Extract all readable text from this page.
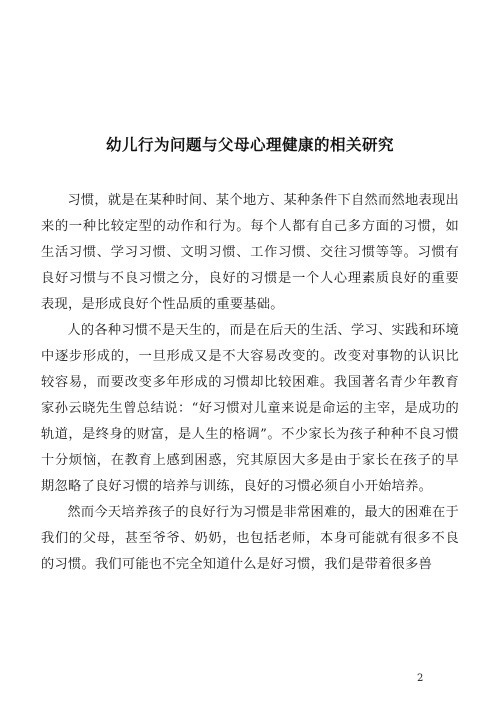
幼儿行为问题与父母心理健康的相关研究

习惯，就是在某种时间、某个地方、某种条件下自然而然地表现出来的一种比较定型的动作和行为。每个人都有自己多方面的习惯，如生活习惯、学习习惯、文明习惯、工作习惯、交往习惯等等。习惯有良好习惯与不良习惯之分，良好的习惯是一个人心理素质良好的重要表现，是形成良好个性品质的重要基础。

人的各种习惯不是天生的，而是在后天的生活、学习、实践和环境中逐步形成的，一旦形成又是不大容易改变的。改变对事物的认识比较容易，而要改变多年形成的习惯却比较困难。我国著名青少年教育家孙云晓先生曾总结说：“好习惯对儿童来说是命运的主宰，是成功的轨道，是终身的财富，是人生的格调”。不少家长为孩子种种不良习惯十分烦恼，在教育上感到困惑，究其原因大多是由于家长在孩子的早期忽略了良好习惯的培养与训练，良好的习惯必须自小开始培养。

然而今天培养孩子的良好行为习惯是非常困难的，最大的困难在于我们的父母，甚至爷爷、奶奶，也包括老师，本身可能就有很多不良的习惯。我们可能也不完全知道什么是好习惯，我们是带着很多兽

2
